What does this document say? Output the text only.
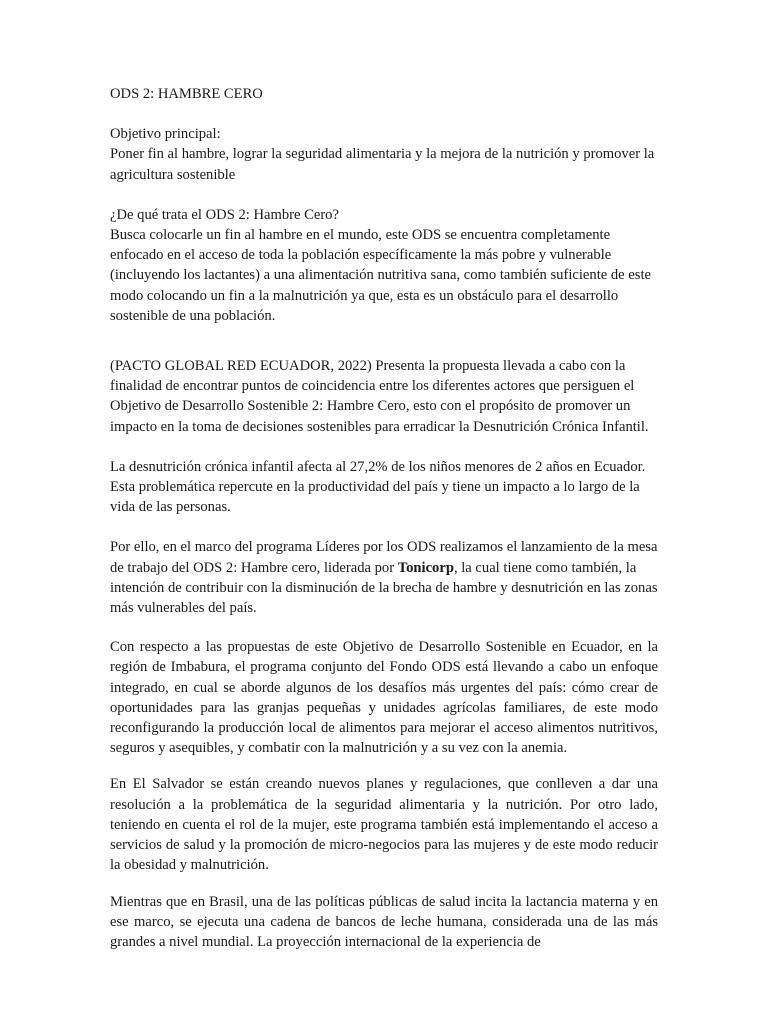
ODS 2: HAMBRE CERO

Objetivo principal:
Poner fin al hambre, lograr la seguridad alimentaria y la mejora de la nutrición y promover la agricultura sostenible

¿De qué trata el ODS 2: Hambre Cero?
Busca colocarle un fin al hambre en el mundo, este ODS se encuentra completamente enfocado en el acceso de toda la población específicamente la más pobre y vulnerable (incluyendo los lactantes) a una alimentación nutritiva sana, como también suficiente de este modo colocando un fin a la malnutrición ya que, esta es un obstáculo para el desarrollo sostenible de una población.

(PACTO GLOBAL RED ECUADOR, 2022) Presenta la propuesta llevada a cabo con la finalidad de encontrar puntos de coincidencia entre los diferentes actores que persiguen el Objetivo de Desarrollo Sostenible 2: Hambre Cero, esto con el propósito de promover un impacto en la toma de decisiones sostenibles para erradicar la Desnutrición Crónica Infantil.

La desnutrición crónica infantil afecta al 27,2% de los niños menores de 2 años en Ecuador. Esta problemática repercute en la productividad del país y tiene un impacto a lo largo de la vida de las personas.

Por ello, en el marco del programa Líderes por los ODS realizamos el lanzamiento de la mesa de trabajo del ODS 2: Hambre cero, liderada por Tonicorp, la cual tiene como también, la intención de contribuir con la disminución de la brecha de hambre y desnutrición en las zonas más vulnerables del país.

Con respecto a las propuestas de este Objetivo de Desarrollo Sostenible en Ecuador, en la región de Imbabura, el programa conjunto del Fondo ODS está llevando a cabo un enfoque integrado, en cual se aborde algunos de los desafíos más urgentes del país: cómo crear de oportunidades para las granjas pequeñas y unidades agrícolas familiares, de este modo reconfigurando la producción local de alimentos para mejorar el acceso alimentos nutritivos, seguros y asequibles, y combatir con la malnutrición y a su vez con la anemia.

En El Salvador se están creando nuevos planes y regulaciones, que conlleven a dar una resolución a la problemática de la seguridad alimentaria y la nutrición. Por otro lado, teniendo en cuenta el rol de la mujer, este programa también está implementando el acceso a servicios de salud y la promoción de micro-negocios para las mujeres y de este modo reducir la obesidad y malnutrición.

Mientras que en Brasil, una de las políticas públicas de salud incita la lactancia materna y en ese marco, se ejecuta una cadena de bancos de leche humana, considerada una de las más grandes a nivel mundial. La proyección internacional de la experiencia de
